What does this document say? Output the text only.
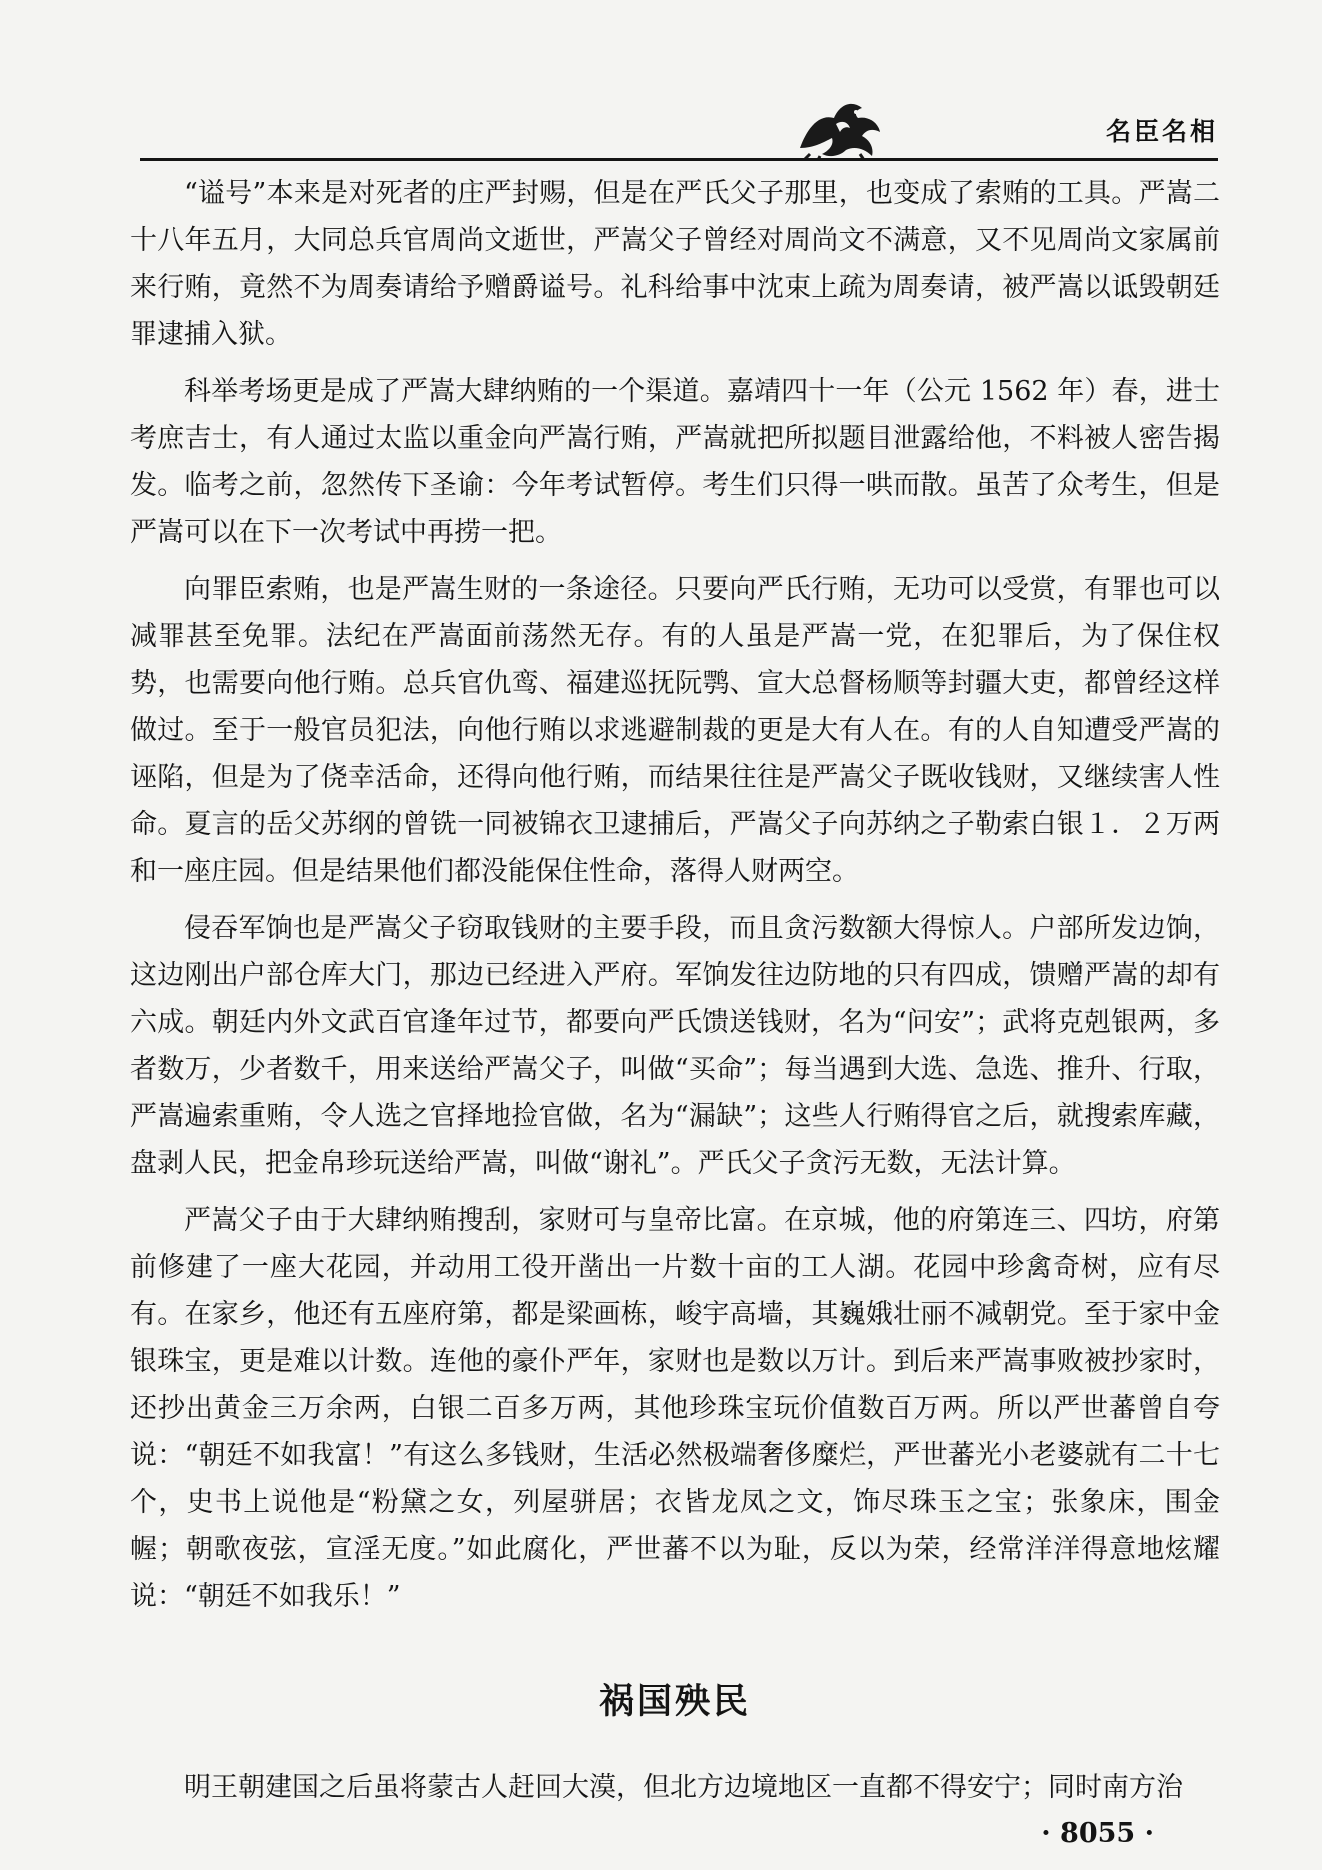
名臣名相

“谥号”本来是对死者的庄严封赐，但是在严氏父子那里，也变成了索贿的工具。严嵩二十八年五月，大同总兵官周尚文逝世，严嵩父子曾经对周尚文不满意，又不见周尚文家属前来行贿，竟然不为周奏请给予赠爵谥号。礼科给事中沈束上疏为周奏请，被严嵩以诋毁朝廷罪逮捕入狱。

科举考场更是成了严嵩大肆纳贿的一个渠道。嘉靖四十一年（公元 1562 年）春，进士考庶吉士，有人通过太监以重金向严嵩行贿，严嵩就把所拟题目泄露给他，不料被人密告揭发。临考之前，忽然传下圣谕：今年考试暂停。考生们只得一哄而散。虽苦了众考生，但是严嵩可以在下一次考试中再捞一把。

向罪臣索贿，也是严嵩生财的一条途径。只要向严氏行贿，无功可以受赏，有罪也可以减罪甚至免罪。法纪在严嵩面前荡然无存。有的人虽是严嵩一党，在犯罪后，为了保住权势，也需要向他行贿。总兵官仇鸾、福建巡抚阮鹗、宣大总督杨顺等封疆大吏，都曾经这样做过。至于一般官员犯法，向他行贿以求逃避制裁的更是大有人在。有的人自知遭受严嵩的诬陷，但是为了侥幸活命，还得向他行贿，而结果往往是严嵩父子既收钱财，又继续害人性命。夏言的岳父苏纲的曾铣一同被锦衣卫逮捕后，严嵩父子向苏纳之子勒索白银１．２万两和一座庄园。但是结果他们都没能保住性命，落得人财两空。

侵吞军饷也是严嵩父子窃取钱财的主要手段，而且贪污数额大得惊人。户部所发边饷，这边刚出户部仓库大门，那边已经进入严府。军饷发往边防地的只有四成，馈赠严嵩的却有六成。朝廷内外文武百官逢年过节，都要向严氏馈送钱财，名为“问安”；武将克剋银两，多者数万，少者数千，用来送给严嵩父子，叫做“买命”；每当遇到大选、急选、推升、行取，严嵩遍索重贿，令人选之官择地捡官做，名为“漏缺”；这些人行贿得官之后，就搜索库藏，盘剥人民，把金帛珍玩送给严嵩，叫做“谢礼”。严氏父子贪污无数，无法计算。

严嵩父子由于大肆纳贿搜刮，家财可与皇帝比富。在京城，他的府第连三、四坊，府第前修建了一座大花园，并动用工役开凿出一片数十亩的工人湖。花园中珍禽奇树，应有尽有。在家乡，他还有五座府第，都是梁画栋，峻宇高墙，其巍娥壮丽不减朝党。至于家中金银珠宝，更是难以计数。连他的豪仆严年，家财也是数以万计。到后来严嵩事败被抄家时，还抄出黄金三万余两，白银二百多万两，其他珍珠宝玩价值数百万两。所以严世蕃曾自夸说：“朝廷不如我富！”有这么多钱财，生活必然极端奢侈糜烂，严世蕃光小老婆就有二十七个，史书上说他是“粉黛之女，列屋骈居；衣皆龙凤之文，饰尽珠玉之宝；张象床，围金幄；朝歌夜弦，宣淫无度。”如此腐化，严世蕃不以为耻，反以为荣，经常洋洋得意地炫耀说：“朝廷不如我乐！”

祸国殃民

明王朝建国之后虽将蒙古人赶回大漠，但北方边境地区一直都不得安宁；同时南方治

· 8055 ·
